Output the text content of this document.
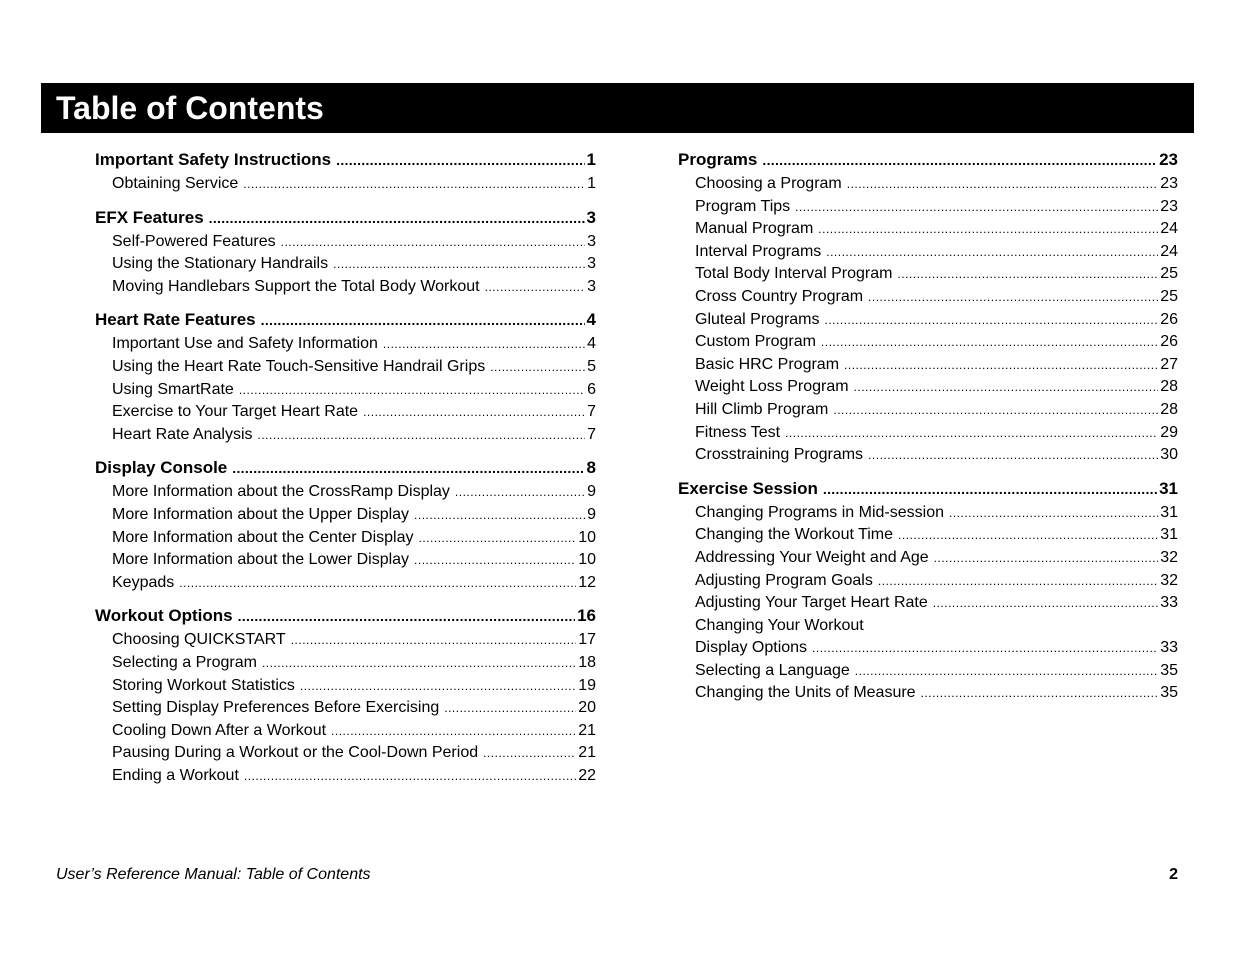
Table of Contents
Important Safety Instructions .....	1
Obtaining Service .....	1
EFX Features .....	3
Self-Powered Features .....	3
Using the Stationary Handrails .....	3
Moving Handlebars Support the Total Body Workout .....	3
Heart Rate Features .....	4
Important Use and Safety Information .....	4
Using the Heart Rate Touch-Sensitive Handrail Grips .....	5
Using SmartRate .....	6
Exercise to Your Target Heart Rate .....	7
Heart Rate Analysis .....	7
Display Console .....	8
More Information about the CrossRamp Display .....	9
More Information about the Upper Display .....	9
More Information about the Center Display .....	10
More Information about the Lower Display .....	10
Keypads .....	12
Workout Options .....	16
Choosing QUICKSTART .....	17
Selecting a Program .....	18
Storing Workout Statistics .....	19
Setting Display Preferences Before Exercising .....	20
Cooling Down After a Workout .....	21
Pausing During a Workout or the Cool-Down Period .....	21
Ending a Workout .....	22
Programs .....	23
Choosing a Program .....	23
Program Tips .....	23
Manual Program .....	24
Interval Programs .....	24
Total Body Interval Program .....	25
Cross Country Program .....	25
Gluteal Programs .....	26
Custom Program .....	26
Basic HRC Program .....	27
Weight Loss Program .....	28
Hill Climb Program .....	28
Fitness Test .....	29
Crosstraining Programs .....	30
Exercise Session .....	31
Changing Programs in Mid-session .....	31
Changing the Workout Time .....	31
Addressing Your Weight and Age .....	32
Adjusting Program Goals .....	32
Adjusting Your Target Heart Rate .....	33
Changing Your Workout
Display Options .....	33
Selecting a Language .....	35
Changing the Units of Measure .....	35
User’s Reference Manual: Table of Contents	2
